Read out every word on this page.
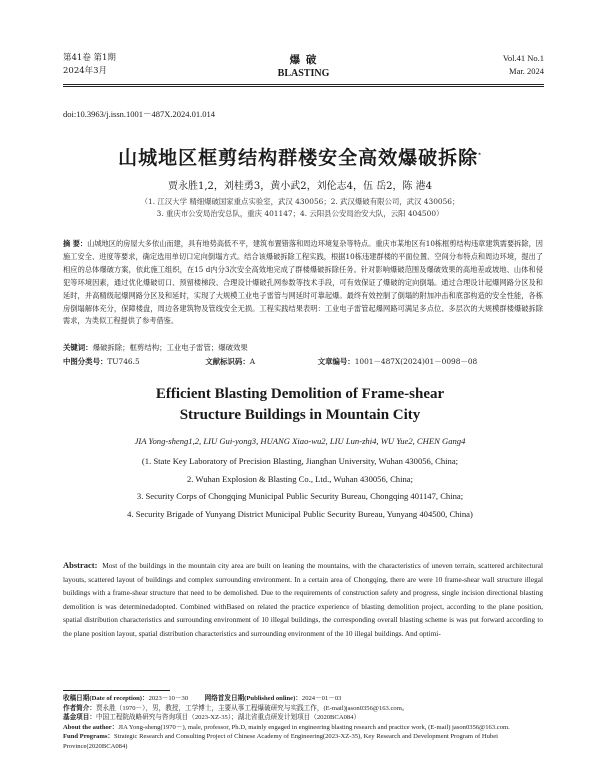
第41卷 第1期
2024年3月
爆 破
BLASTING
Vol.41 No.1
Mar. 2024
doi:10.3963/j.issn.1001－487X.2024.01.014
山城地区框剪结构群楼安全高效爆破拆除*
贾永胜1,2，刘桂勇3，黄小武2，刘伦志4，伍 岳2，陈 港4
（1. 江汉大学 精细爆破国家重点实验室，武汉 430056；2. 武汉爆破有限公司，武汉 430056；
3. 重庆市公安局治安总队，重庆 401147；4. 云阳县公安局治安大队，云阳 404500）
摘 要：山城地区的房屋大多依山而建，具有地势高低不平，建筑布置错落和周边环境复杂等特点。重庆市某地区有10栋框剪结构违章建筑需要拆除，因施工安全、进度等要求，确定选用单切口定向倒塌方式。结合该爆破拆除工程实践，根据10栋违建群楼的平面位置、空间分布特点和周边环境，提出了相应的总体爆破方案，依此施工组织，在15 d内分3次安全高效地完成了群楼爆破拆除任务。针对影响爆破范围及爆破效果的高地差或坡地、山体和侵犯等环境因素，通过优化爆破切口、预留楼梯段、合理设计爆破孔网参数等技术手段，可有效保证了爆破的定向倒塌。通过合理设计起爆网路分区及和延时，并高精级起爆网路分区及和延时，实现了大规模工业电子雷管与网延时可靠起爆。最终有效控制了倒塌的附加冲击和底部构造的安全性能，各栋房倒塌解体充分，保障楼盘，周边各建筑物及管线安全无损。工程实践结果表明：工业电子雷管起爆网路可满足多点位、多层次的大规模群楼爆破拆除需求，为类似工程提供了参考借鉴。
关键词：爆破拆除；框剪结构；工业电子雷管；爆破效果
中图分类号：TU746.5	文献标识码：A	文章编号：1001－487X(2024)01－0098－08
Efficient Blasting Demolition of Frame-shear
Structure Buildings in Mountain City
JIA Yong-sheng1,2, LIU Gui-yong3, HUANG Xiao-wu2, LIU Lun-zhi4, WU Yue2, CHEN Gang4
(1. State Key Laboratory of Precision Blasting, Jianghan University, Wuhan 430056, China;
2. Wuhan Explosion & Blasting Co., Ltd., Wuhan 430056, China;
3. Security Corps of Chongqing Municipal Public Security Bureau, Chongqing 401147, China;
4. Security Brigade of Yunyang District Municipal Public Security Bureau, Yunyang 404500, China)
Abstract: Most of the buildings in the mountain city area are built on leaning the mountains, with the characteristics of uneven terrain, scattered architectural layouts, scattered layout of buildings and complex surrounding environment. In a certain area of Chongqing, there are were 10 frame-shear wall structure illegal buildings with a frame-shear structure that need to be demolished. Due to the requirements of construction safety and progress, single incision directional blasting demolition is was determinedadopted. Combined withBased on related the practice experience of blasting demolition project, according to the plane position, spatial distribution characteristics and surrounding environment of 10 illegal buildings, the corresponding overall blasting scheme is was put forward according to the plane position layout, spatial distribution characteristics and surrounding environment of the 10 illegal buildings. And optimi-
收稿日期(Date of reception)：2023－10－30 网络首发日期(Published online)：2024－01－03
作者简介：贾永胜（1970－），男，教授，工学博士，主要从事工程爆破研究与实践工作，(E-mail)jason0356@163.com。
基金项目：中国工程院战略研究与咨询项目（2023-XZ-35）；湖北省重点研发计划项目（2020BCA084）
About the author：JIA Yong-sheng(1970－), male, professor, Ph.D, mainly engaged in engineering blasting research and practice work, (E-mail) jason0356@163.com.
Fund Programs：Strategic Research and Consulting Project of Chinese Academy of Engineering(2023-XZ-35), Key Research and Development Program of Hubei Province(2020BCA084)
